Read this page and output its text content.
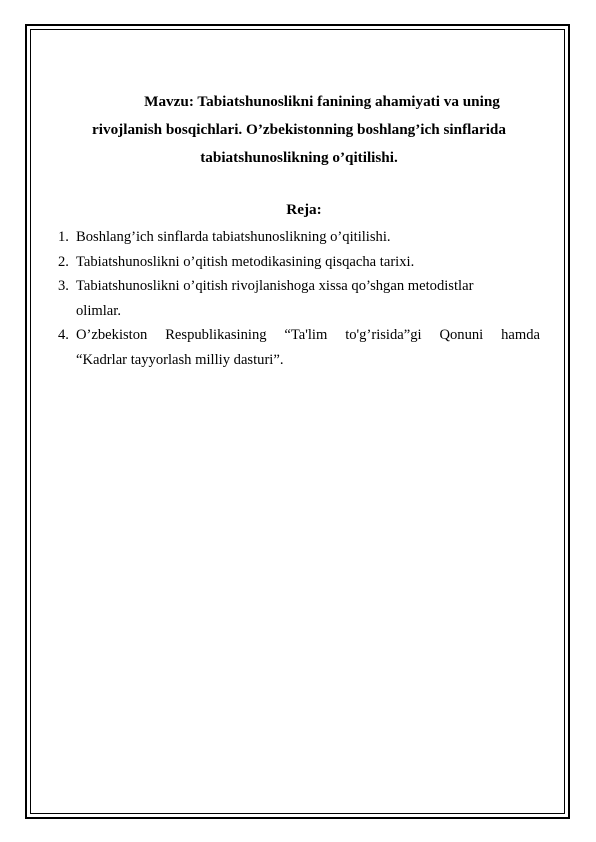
Mavzu: Tabiatshunoslikni fanining ahamiyati va uning
rivojlanish bosqichlari. O’zbekistonning boshlang’ich sinflarida
tabiatshunoslikning o’qitilishi.
Reja:
1. Boshlang’ich sinflarda tabiatshunoslikning o’qitilishi.
2. Tabiatshunoslikni o’qitish metodikasining qisqacha tarixi.
3. Tabiatshunoslikni o’qitish rivojlanishoga xissa qo’shgan metodistlar olimlar.
4. O’zbekiston Respublikasining “Ta'lim to'g’risida”gi Qonuni hamda
“Kadrlar tayyorlash milliy dasturi”.
